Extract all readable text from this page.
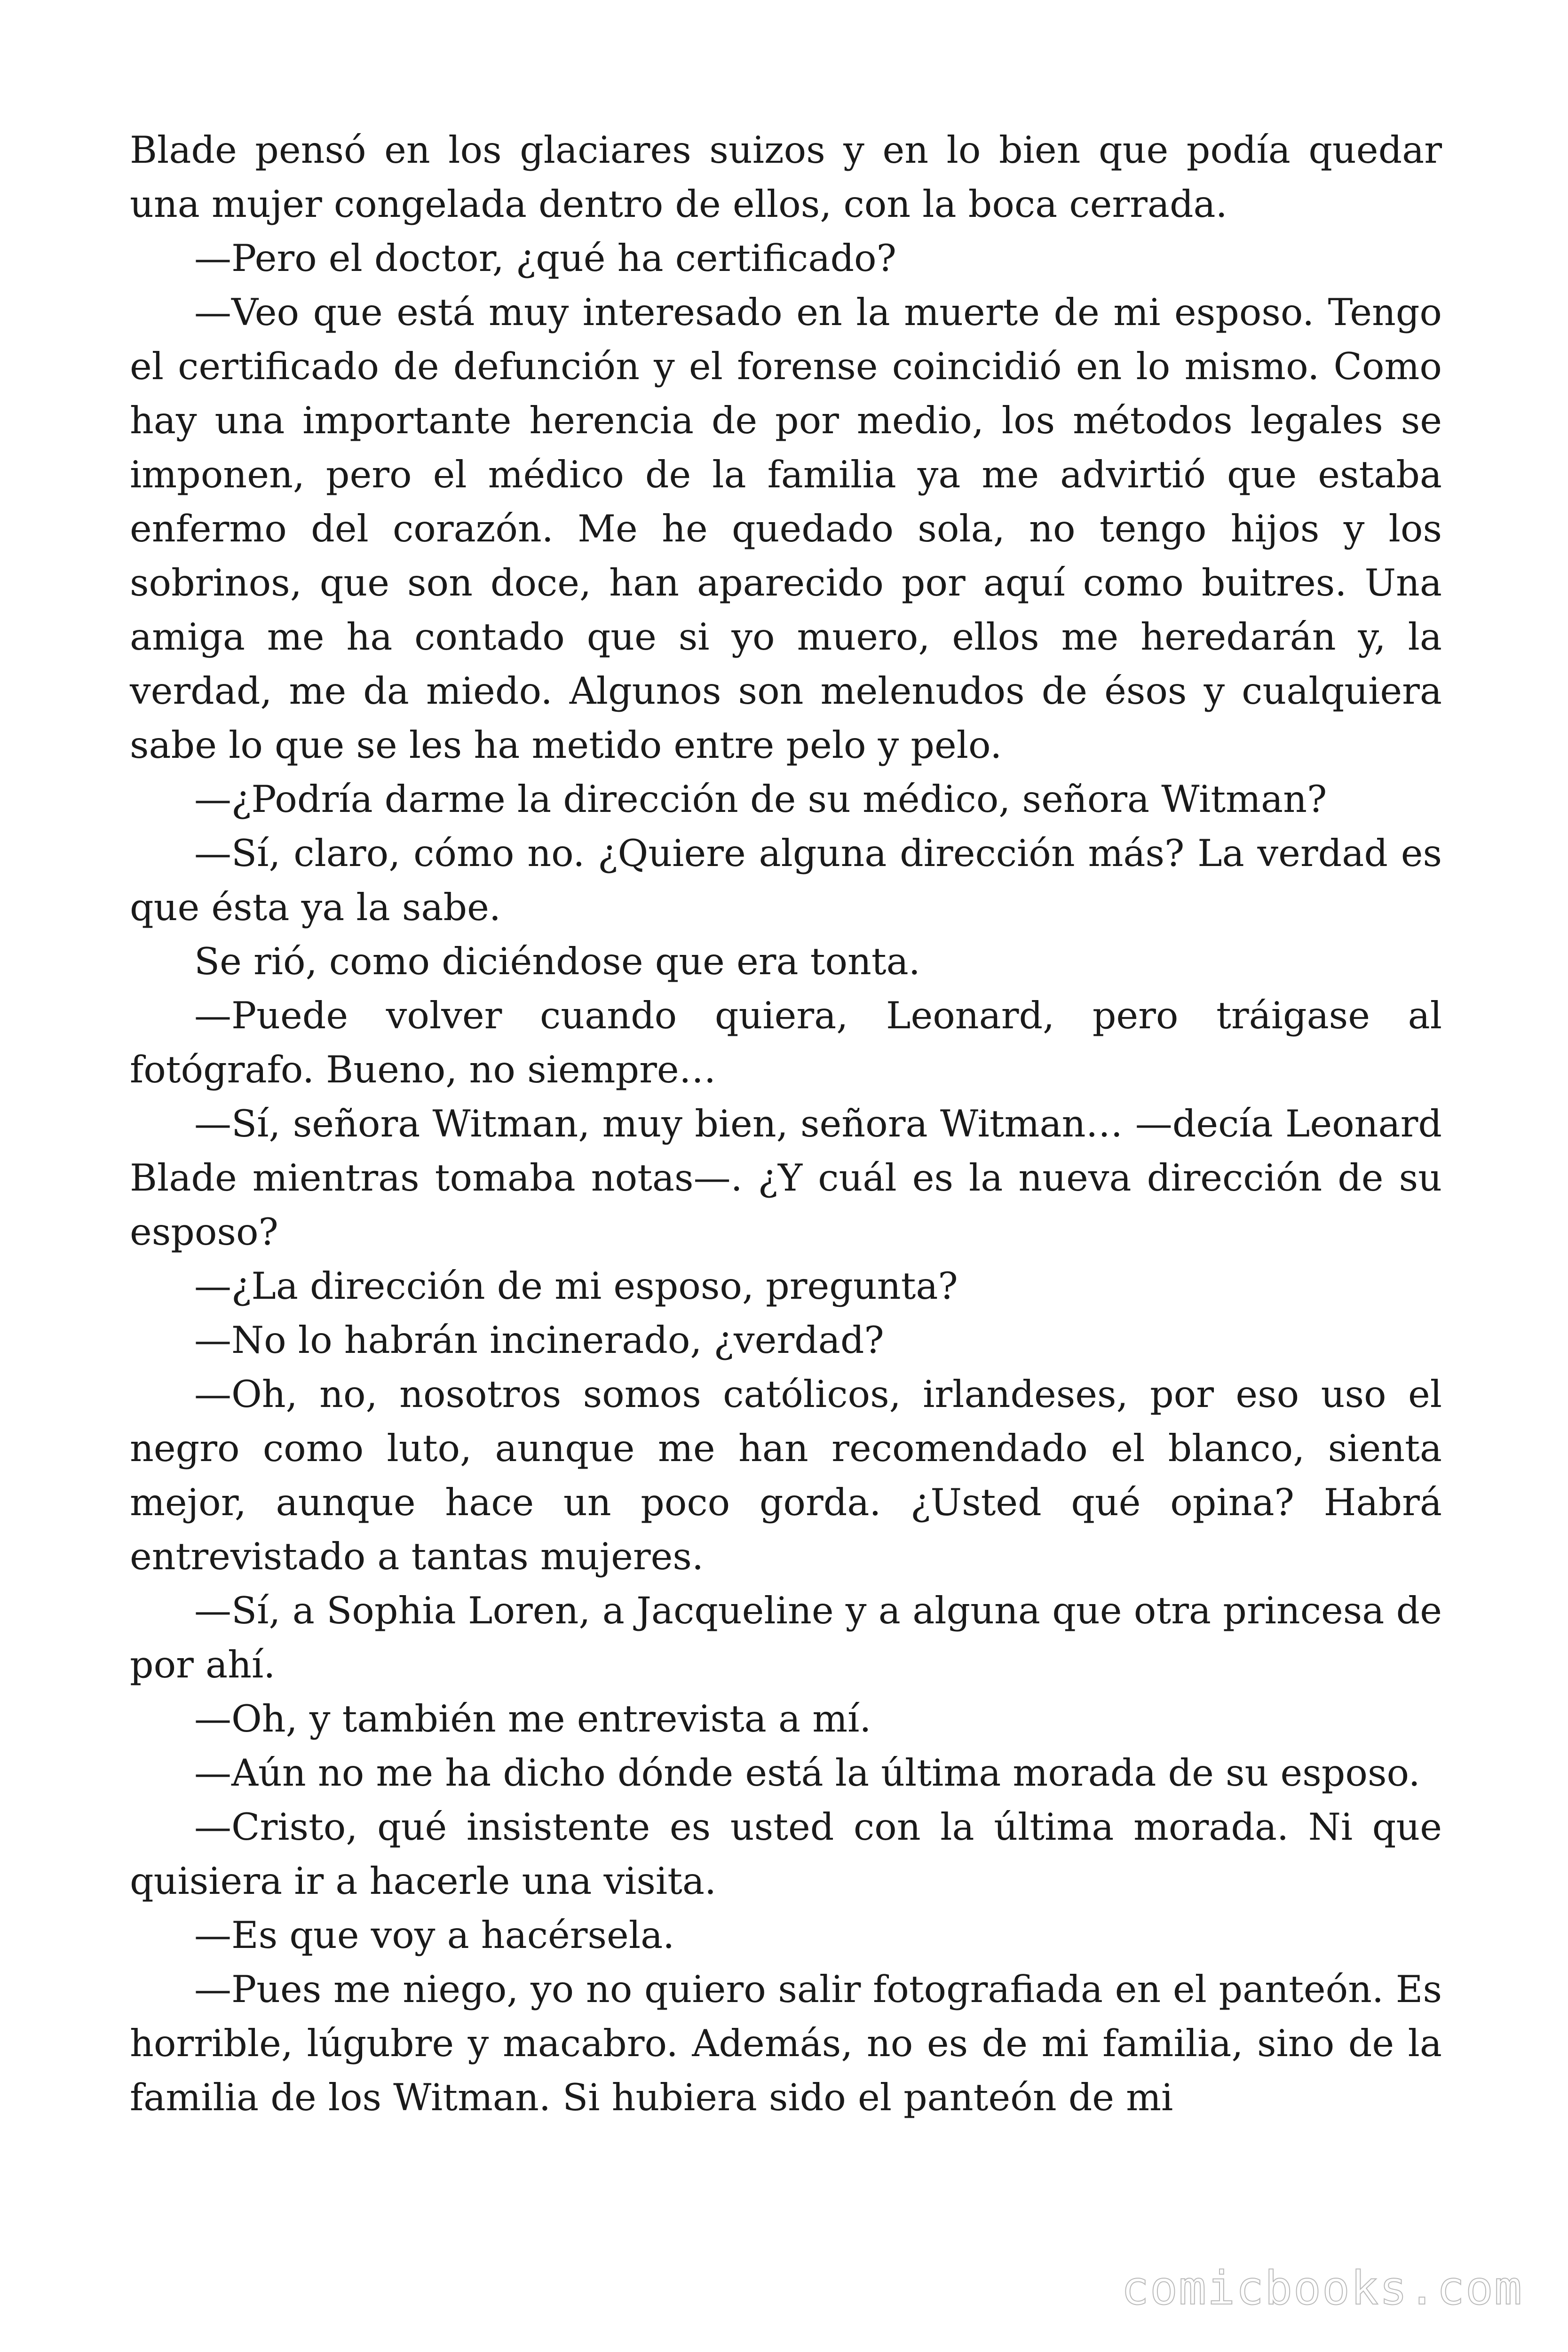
Blade pensó en los glaciares suizos y en lo bien que podía quedar una mujer congelada dentro de ellos, con la boca cerrada.

—Pero el doctor, ¿qué ha certificado?

—Veo que está muy interesado en la muerte de mi esposo. Tengo el certificado de defunción y el forense coincidió en lo mismo. Como hay una importante herencia de por medio, los métodos legales se imponen, pero el médico de la familia ya me advirtió que estaba enfermo del corazón. Me he quedado sola, no tengo hijos y los sobrinos, que son doce, han aparecido por aquí como buitres. Una amiga me ha contado que si yo muero, ellos me heredarán y, la verdad, me da miedo. Algunos son melenudos de ésos y cualquiera sabe lo que se les ha metido entre pelo y pelo.

—¿Podría darme la dirección de su médico, señora Witman?

—Sí, claro, cómo no. ¿Quiere alguna dirección más? La verdad es que ésta ya la sabe.

Se rió, como diciéndose que era tonta.

—Puede volver cuando quiera, Leonard, pero tráigase al fotógrafo. Bueno, no siempre…

—Sí, señora Witman, muy bien, señora Witman… —decía Leonard Blade mientras tomaba notas—. ¿Y cuál es la nueva dirección de su esposo?

—¿La dirección de mi esposo, pregunta?

—No lo habrán incinerado, ¿verdad?

—Oh, no, nosotros somos católicos, irlandeses, por eso uso el negro como luto, aunque me han recomendado el blanco, sienta mejor, aunque hace un poco gorda. ¿Usted qué opina? Habrá entrevistado a tantas mujeres.

—Sí, a Sophia Loren, a Jacqueline y a alguna que otra princesa de por ahí.

—Oh, y también me entrevista a mí.

—Aún no me ha dicho dónde está la última morada de su esposo.

—Cristo, qué insistente es usted con la última morada. Ni que quisiera ir a hacerle una visita.

—Es que voy a hacérsela.

—Pues me niego, yo no quiero salir fotografiada en el panteón. Es horrible, lúgubre y macabro. Además, no es de mi familia, sino de la familia de los Witman. Si hubiera sido el panteón de mi

comicbooks.com
